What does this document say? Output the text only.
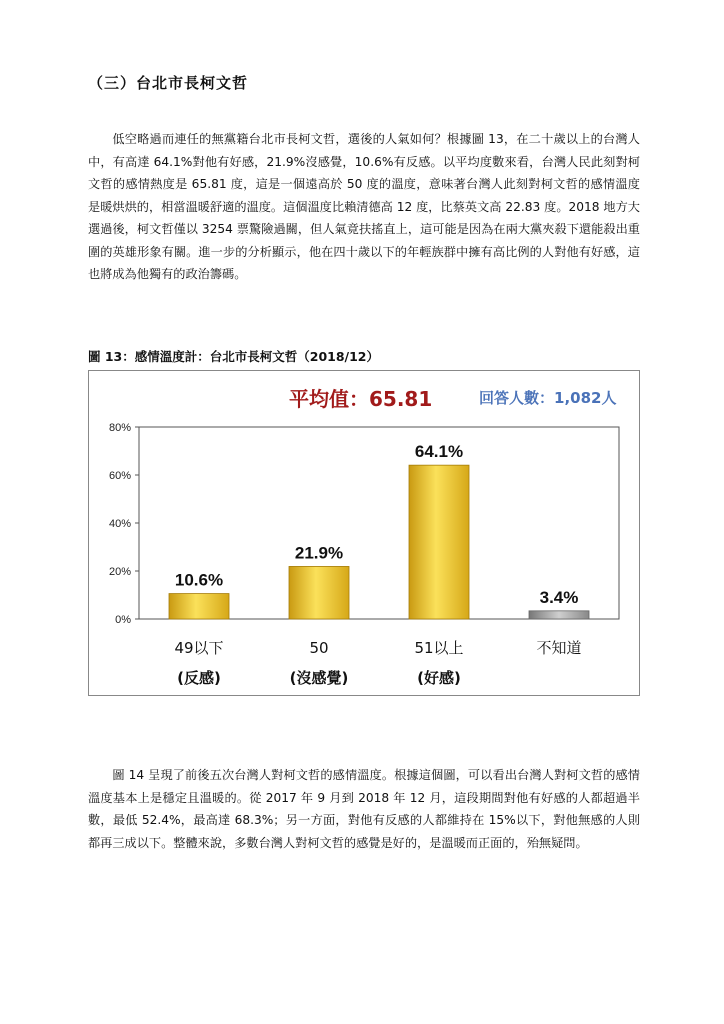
（三）台北市長柯文哲

低空略過而連任的無黨籍台北市長柯文哲，選後的人氣如何？根據圖 13，在二十歲以上的台灣人中，有高達 64.1%對他有好感，21.9%沒感覺，10.6%有反感。以平均度數來看，台灣人民此刻對柯文哲的感情熱度是 65.81 度，這是一個遠高於 50 度的溫度，意味著台灣人此刻對柯文哲的感情溫度是暖烘烘的，相當溫暖舒適的溫度。這個溫度比賴清德高 12 度，比蔡英文高 22.83 度。2018 地方大選過後，柯文哲僅以 3254 票驚險過關，但人氣竟扶搖直上，這可能是因為在兩大黨夾殺下還能殺出重圍的英雄形象有關。進一步的分析顯示，他在四十歲以下的年輕族群中擁有高比例的人對他有好感，這也將成為他獨有的政治籌碼。

圖 13：感情溫度計：台北市長柯文哲（2018/12）
平均值：65.81	回答人數：1,082人
0%
20%
40%
60%
80%
10.6%
49以下
(反感)
21.9%
50
(沒感覺)
64.1%
51以上
(好感)
3.4%
不知道

圖 14 呈現了前後五次台灣人對柯文哲的感情溫度。根據這個圖，可以看出台灣人對柯文哲的感情溫度基本上是穩定且溫暖的。從 2017 年 9 月到 2018 年 12 月，這段期間對他有好感的人都超過半數，最低 52.4%，最高達 68.3%；另一方面，對他有反感的人都維持在 15%以下，對他無感的人則都再三成以下。整體來說，多數台灣人對柯文哲的感覺是好的，是溫暖而正面的，殆無疑問。
